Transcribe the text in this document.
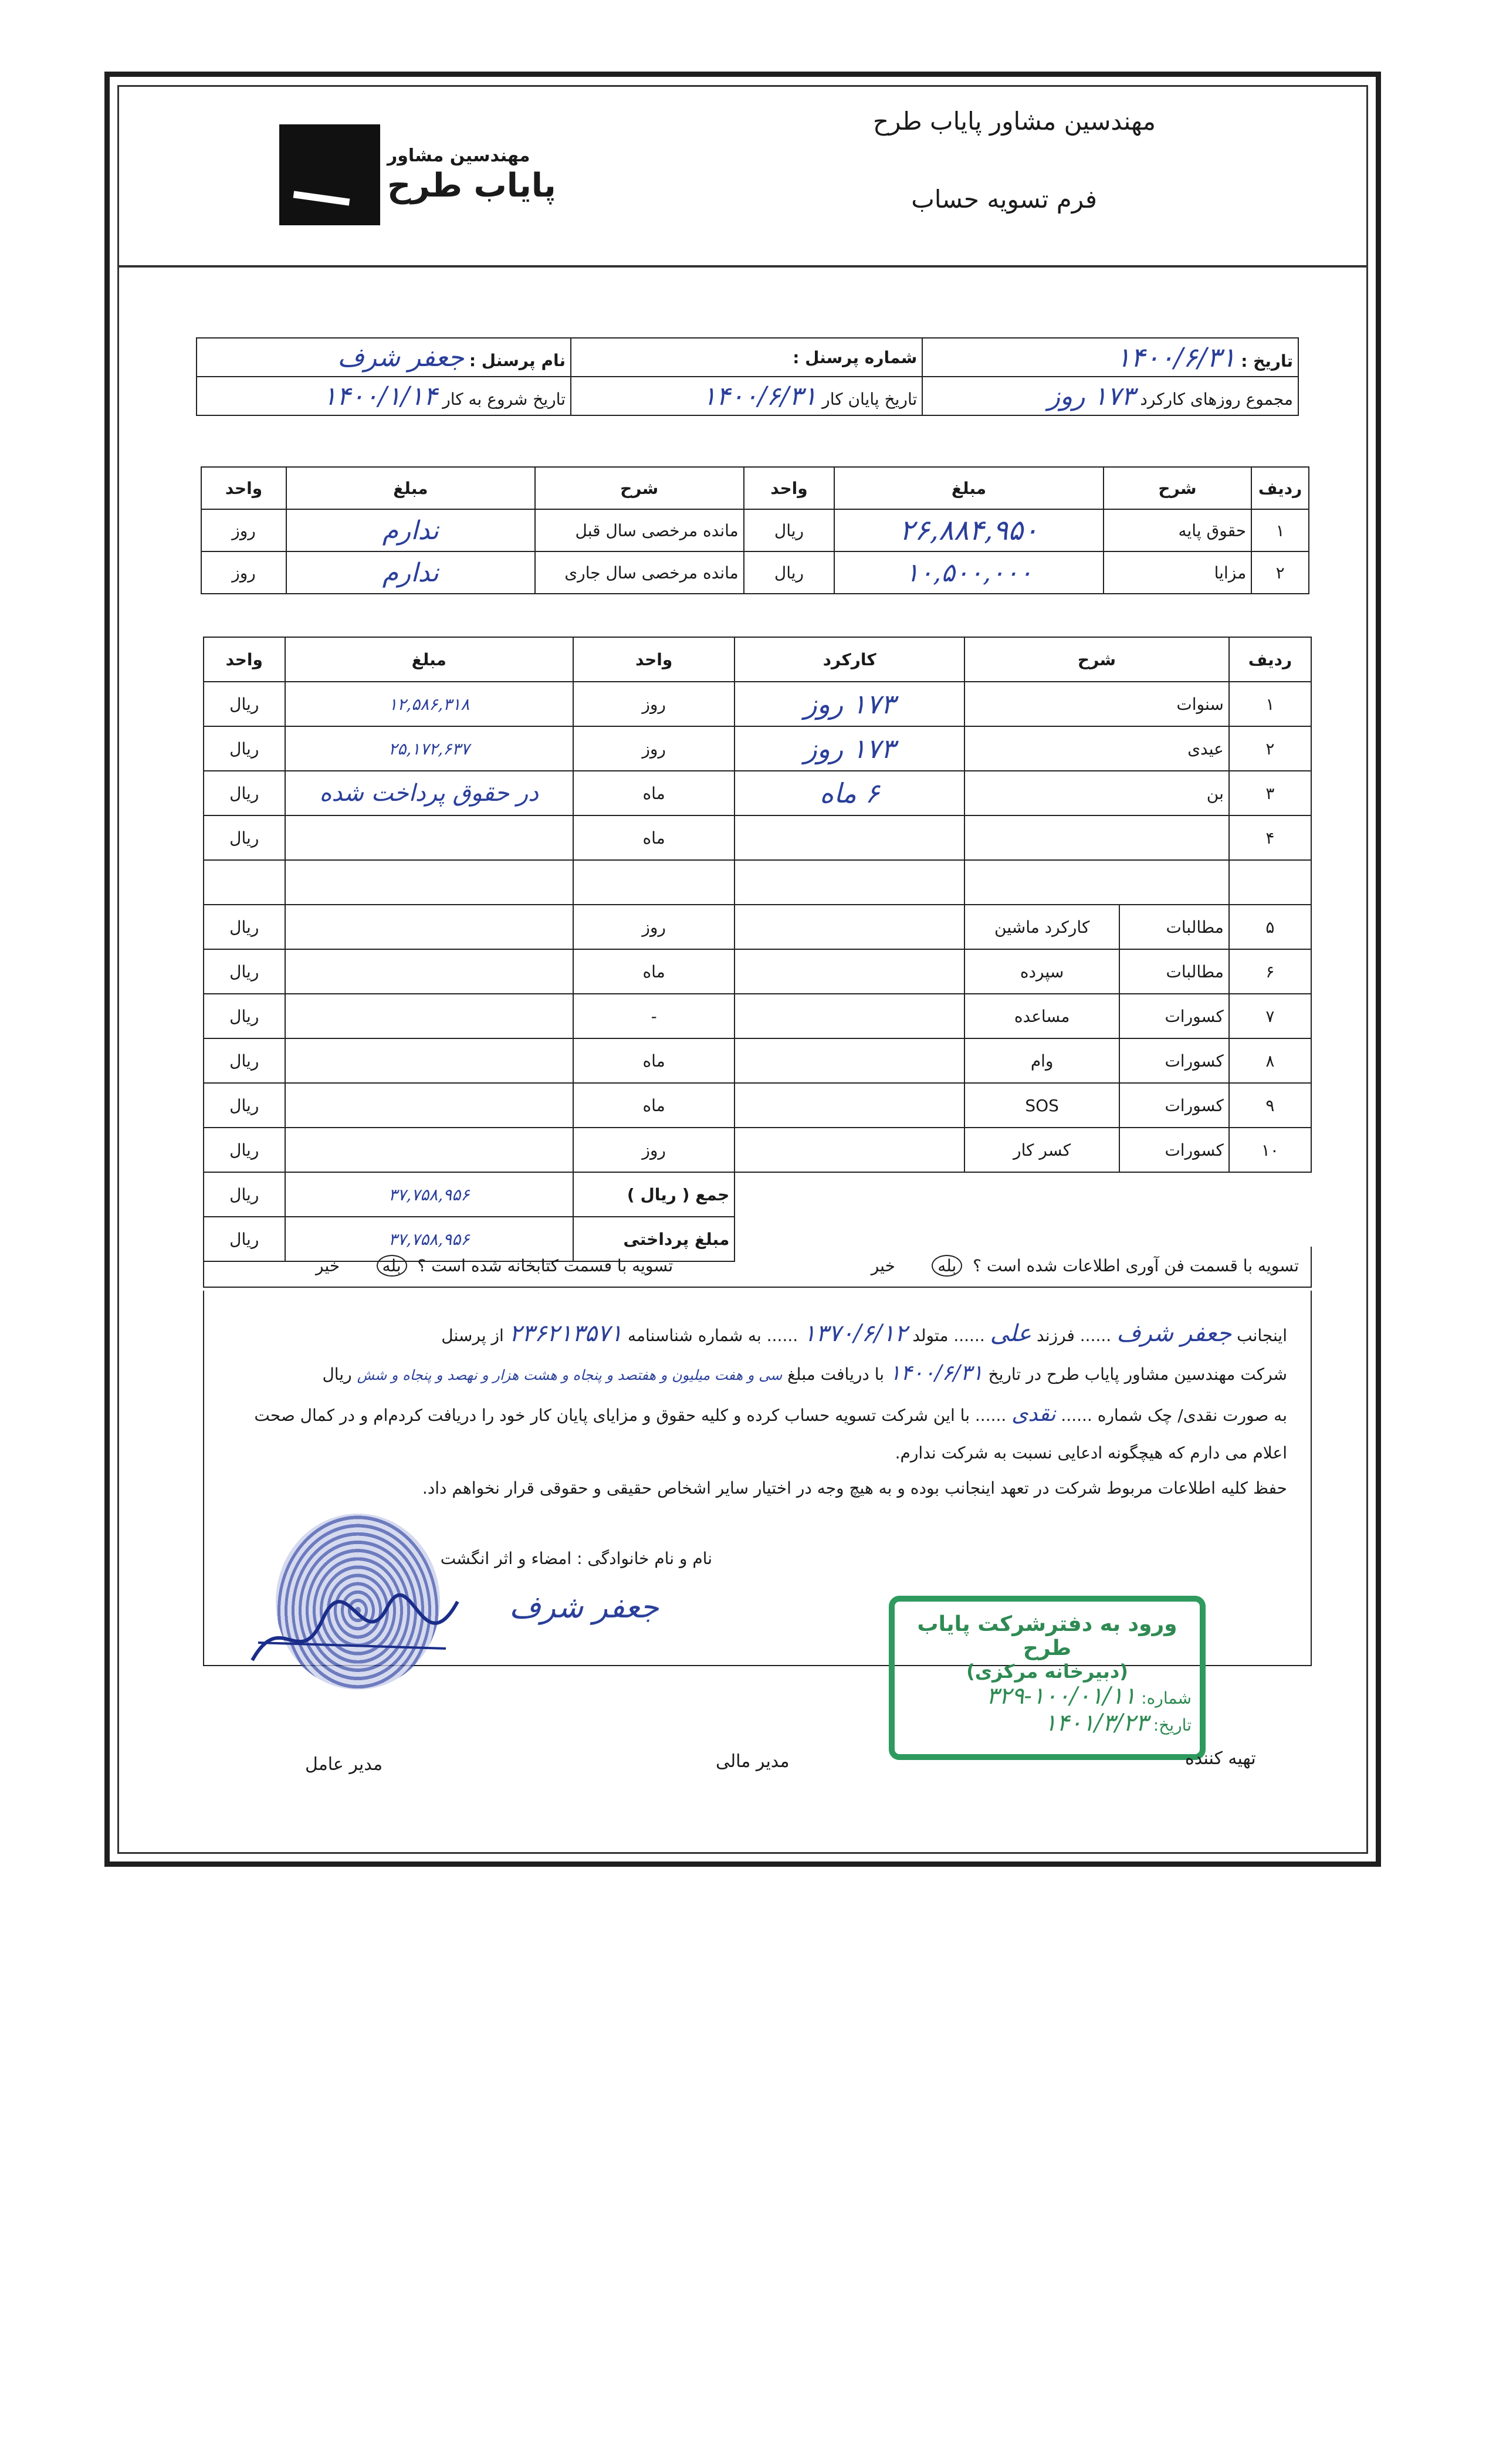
مهندسین مشاور
پایاب طرح
مهندسین مشاور پایاب طرح
فرم تسویه حساب
نام پرسنل : جعفر شرف	شماره پرسنل :	تاریخ : ۱۴۰۰/۶/۳۱
تاریخ شروع به کار ۱۴۰۰/۱/۱۴	تاریخ پایان کار ۱۴۰۰/۶/۳۱	مجموع روزهای کارکرد ۱۷۳ روز
واحد	مبلغ	شرح	واحد	مبلغ	شرح	ردیف
روز	ندارم	مانده مرخصی سال قبل	ریال	۲۶,۸۸۴,۹۵۰	حقوق پایه	۱
روز	ندارم	مانده مرخصی سال جاری	ریال	۱۰,۵۰۰,۰۰۰	مزایا	۲
واحد	مبلغ	واحد	کارکرد	شرح		ردیف
ریال	۱۲,۵۸۶,۳۱۸	روز	۱۷۳ روز	سنوات		۱
ریال	۲۵,۱۷۲,۶۳۷	روز	۱۷۳ روز	عیدی		۲
ریال	در حقوق پرداخت شده	ماه	۶ ماه	بن		۳
ریال		ماه				۴

ریال		روز		کارکرد ماشین	مطالبات	۵
ریال		ماه		سپرده	مطالبات	۶
ریال		-		مساعده	کسورات	۷
ریال		ماه		وام	کسورات	۸
ریال		ماه		SOS	کسورات	۹
ریال		روز		کسر کار	کسورات	۱۰
ریال	۳۷,۷۵۸,۹۵۶	جمع ( ریال )				
ریال	۳۷,۷۵۸,۹۵۶	مبلغ پرداختی				
تسویه با قسمت فن آوری اطلاعات شده است ؟  بله       خیر
تسویه با قسمت کتابخانه شده است ؟  بله       خیر
اینجانب جعفر شرف ...... فرزند علی ...... متولد ۱۳۷۰/۶/۱۲ ...... به شماره شناسنامه ۲۳۶۲۱۳۵۷۱ از پرسنل
شرکت مهندسین مشاور پایاب طرح در تاریخ ۱۴۰۰/۶/۳۱ با دریافت مبلغ سی و هفت میلیون و هفتصد و پنجاه و هشت هزار و نهصد و پنجاه و شش ریال
به صورت نقدی/ چک شماره ...... نقدی ...... با این شرکت تسویه حساب کرده و کلیه حقوق و مزایای پایان کار خود را دریافت کردم‌ام و در کمال صحت
اعلام می دارم که هیچگونه ادعایی نسبت به شرکت ندارم.
حفظ کلیه اطلاعات مربوط شرکت در تعهد اینجانب بوده و به هیچ وجه در اختیار سایر اشخاص حقیقی و حقوقی قرار نخواهم داد.
نام و نام خانوادگی : امضاء و اثر انگشت
جعفر شرف	ورود به دفترشرکت پایاب طرح
(دبیرخانه مرکزی)
شماره: ۱۰۰/۰۱/۱۱-۳۲۹
تاریخ: ۱۴۰۱/۳/۲۳
تهیه کننده
مدیر مالی
مدیر عامل
